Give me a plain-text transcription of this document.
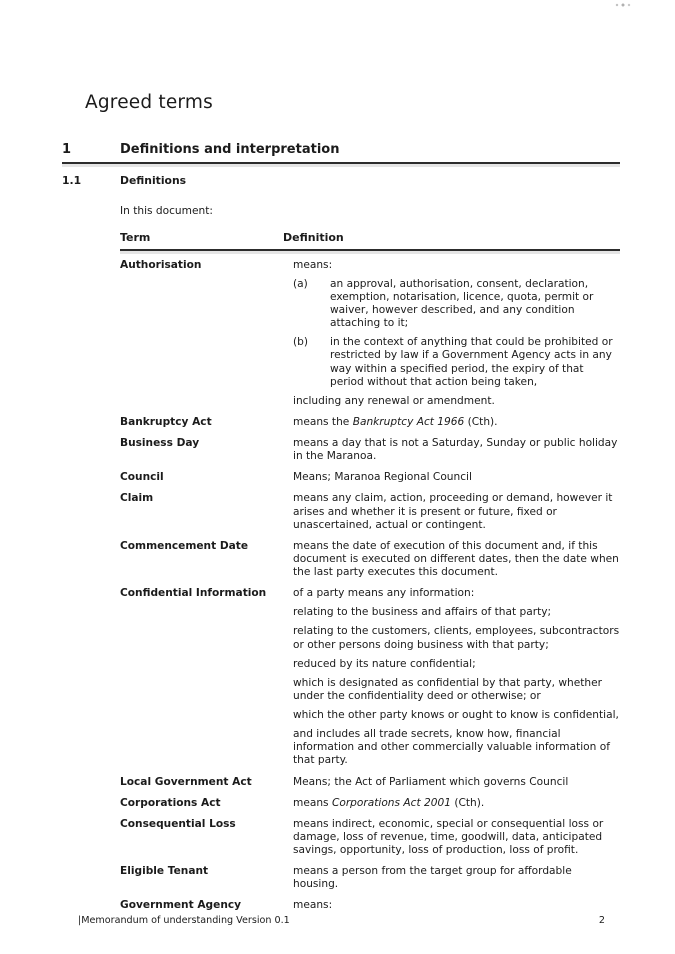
Agreed terms
1	Definitions and interpretation
1.1	Definitions

In this document:

Term	Definition
Authorisation	means:
(a)	an approval, authorisation, consent, declaration, exemption, notarisation, licence, quota, permit or waiver, however described, and any condition attaching to it;
(b)	in the context of anything that could be prohibited or restricted by law if a Government Agency acts in any way within a specified period, the expiry of that period without that action being taken,
including any renewal or amendment.
Bankruptcy Act	means the Bankruptcy Act 1966 (Cth).
Business Day	means a day that is not a Saturday, Sunday or public holiday in the Maranoa.
Council	Means; Maranoa Regional Council
Claim	means any claim, action, proceeding or demand, however it arises and whether it is present or future, fixed or unascertained, actual or contingent.
Commencement Date	means the date of execution of this document and, if this document is executed on different dates, then the date when the last party executes this document.
Confidential Information	of a party means any information:
relating to the business and affairs of that party;
relating to the customers, clients, employees, subcontractors or other persons doing business with that party;
reduced by its nature confidential;
which is designated as confidential by that party, whether under the confidentiality deed or otherwise; or
which the other party knows or ought to know is confidential,
and includes all trade secrets, know how, financial information and other commercially valuable information of that party.
Local Government Act	Means; the Act of Parliament which governs Council
Corporations Act	means Corporations Act 2001 (Cth).
Consequential Loss	means indirect, economic, special or consequential loss or damage, loss of revenue, time, goodwill, data, anticipated savings, opportunity, loss of production, loss of profit.
Eligible Tenant	means a person from the target group for affordable housing.
Government Agency	means:
|Memorandum of understanding Version 0.1	2
